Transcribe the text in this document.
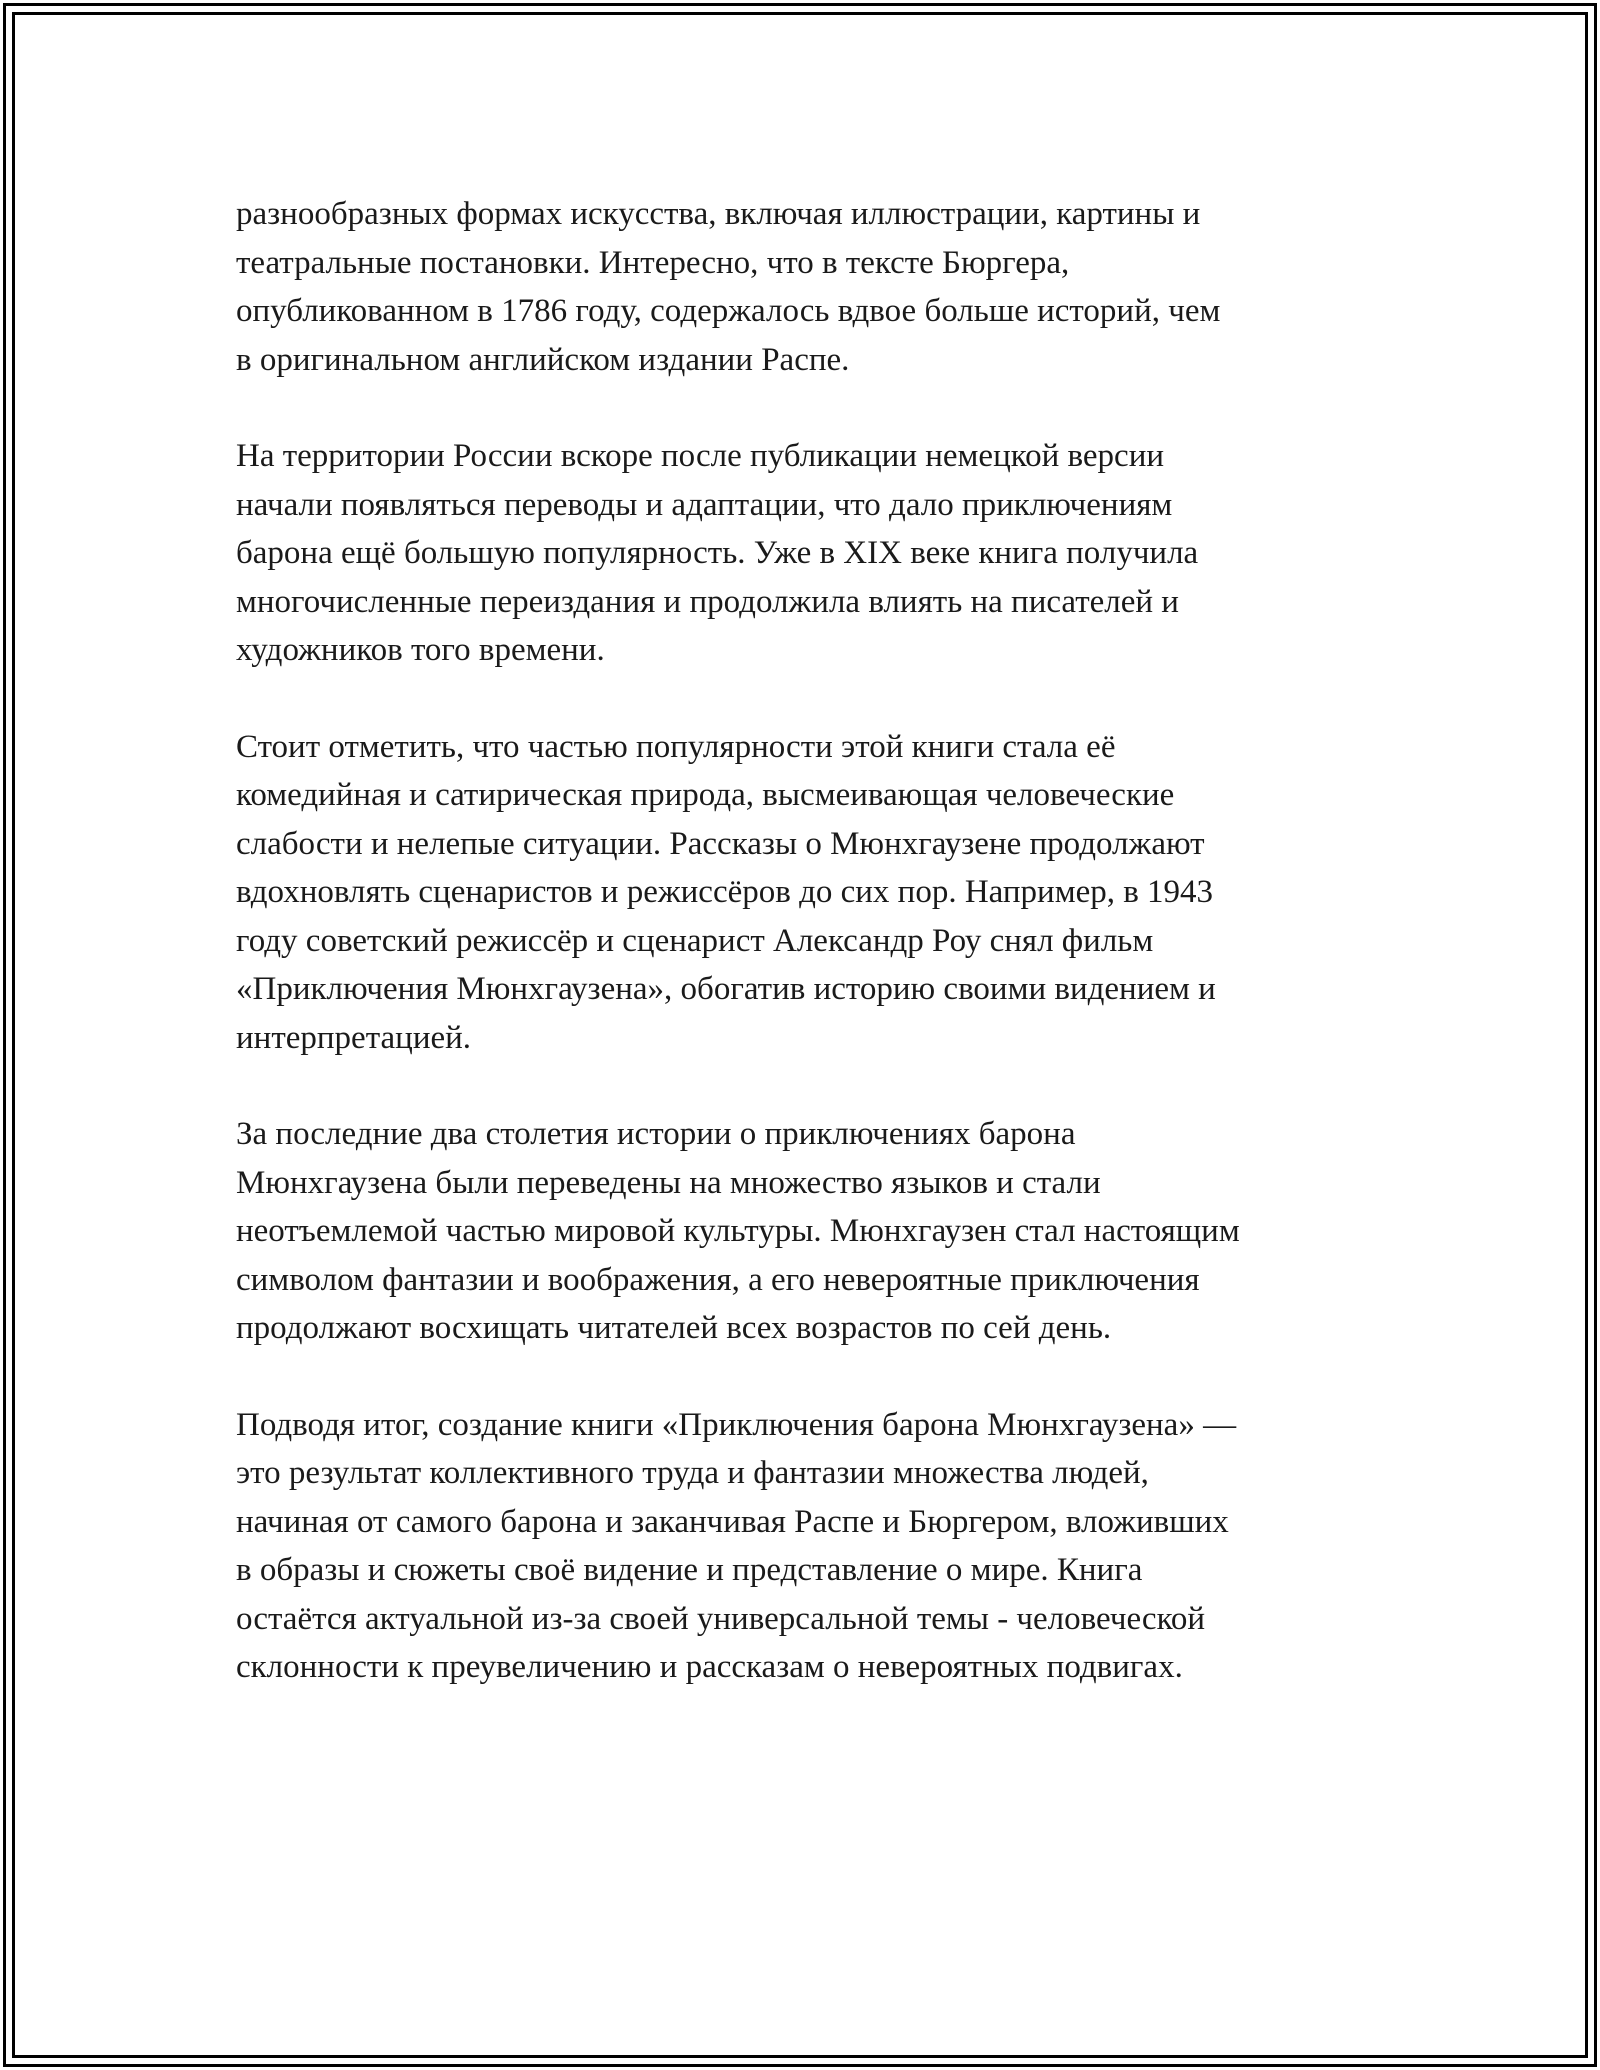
разнообразных формах искусства, включая иллюстрации, картины и
театральные постановки. Интересно, что в тексте Бюргера,
опубликованном в 1786 году, содержалось вдвое больше историй, чем
в оригинальном английском издании Распе.

На территории России вскоре после публикации немецкой версии
начали появляться переводы и адаптации, что дало приключениям
барона ещё большую популярность. Уже в XIX веке книга получила
многочисленные переиздания и продолжила влиять на писателей и
художников того времени.

Стоит отметить, что частью популярности этой книги стала её
комедийная и сатирическая природа, высмеивающая человеческие
слабости и нелепые ситуации. Рассказы о Мюнхгаузене продолжают
вдохновлять сценаристов и режиссёров до сих пор. Например, в 1943
году советский режиссёр и сценарист Александр Роу снял фильм
«Приключения Мюнхгаузена», обогатив историю своими видением и
интерпретацией.

За последние два столетия истории о приключениях барона
Мюнхгаузена были переведены на множество языков и стали
неотъемлемой частью мировой культуры. Мюнхгаузен стал настоящим
символом фантазии и воображения, а его невероятные приключения
продолжают восхищать читателей всех возрастов по сей день.

Подводя итог, создание книги «Приключения барона Мюнхгаузена» —
это результат коллективного труда и фантазии множества людей,
начиная от самого барона и заканчивая Распе и Бюргером, вложивших
в образы и сюжеты своё видение и представление о мире. Книга
остаётся актуальной из-за своей универсальной темы - человеческой
склонности к преувеличению и рассказам о невероятных подвигах.
